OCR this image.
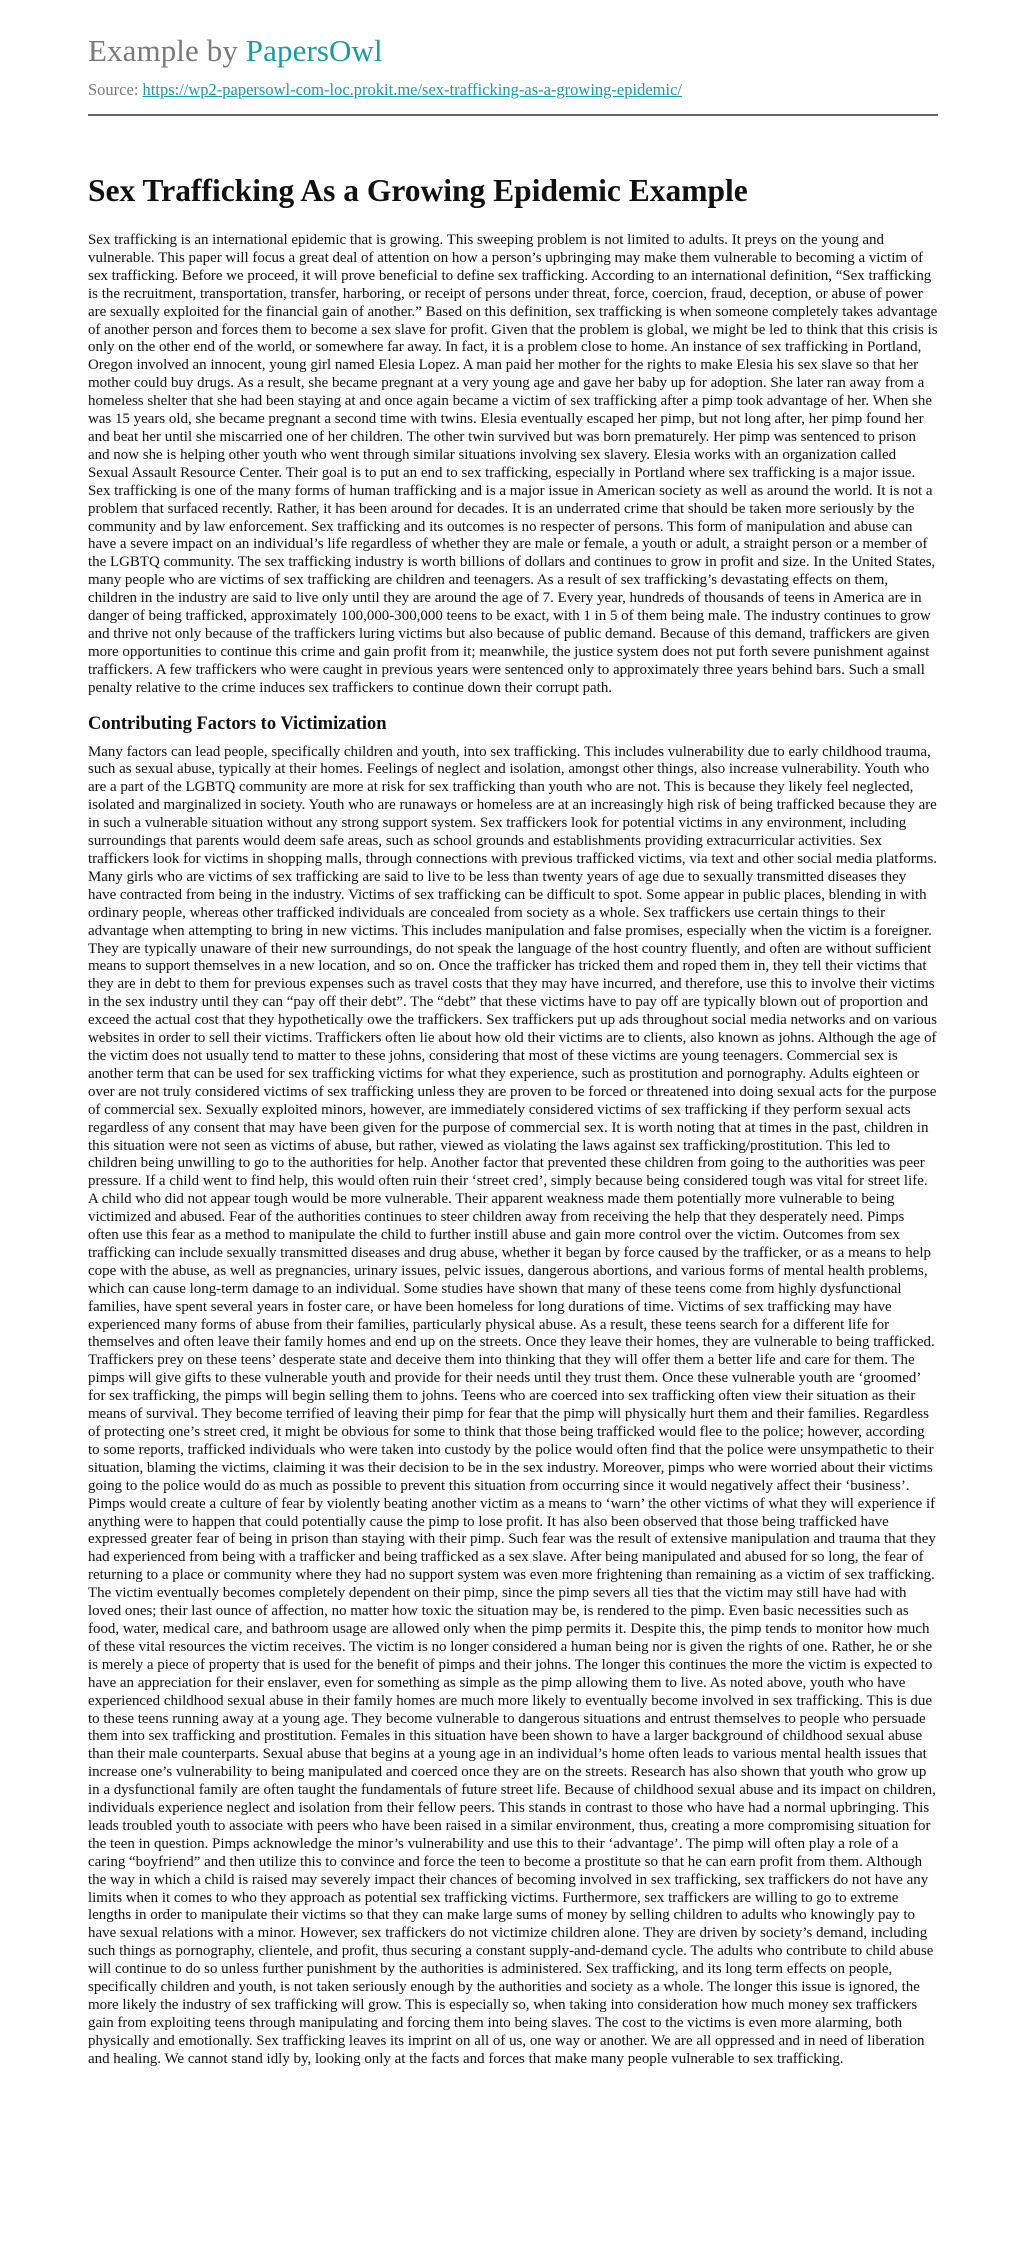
Example by PapersOwl
Source: https://wp2-papersowl-com-loc.prokit.me/sex-trafficking-as-a-growing-epidemic/
Sex Trafficking As a Growing Epidemic Example

Sex trafficking is an international epidemic that is growing. This sweeping problem is not limited to adults. It preys on the young and vulnerable. This paper will focus a great deal of attention on how a person’s upbringing may make them vulnerable to becoming a victim of sex trafficking. Before we proceed, it will prove beneficial to define sex trafficking. According to an international definition, “Sex trafficking is the recruitment, transportation, transfer, harboring, or receipt of persons under threat, force, coercion, fraud, deception, or abuse of power are sexually exploited for the financial gain of another.” Based on this definition, sex trafficking is when someone completely takes advantage of another person and forces them to become a sex slave for profit. Given that the problem is global, we might be led to think that this crisis is only on the other end of the world, or somewhere far away. In fact, it is a problem close to home. An instance of sex trafficking in Portland, Oregon involved an innocent, young girl named Elesia Lopez. A man paid her mother for the rights to make Elesia his sex slave so that her mother could buy drugs. As a result, she became pregnant at a very young age and gave her baby up for adoption. She later ran away from a homeless shelter that she had been staying at and once again became a victim of sex trafficking after a pimp took advantage of her. When she was 15 years old, she became pregnant a second time with twins. Elesia eventually escaped her pimp, but not long after, her pimp found her and beat her until she miscarried one of her children. The other twin survived but was born prematurely. Her pimp was sentenced to prison and now she is helping other youth who went through similar situations involving sex slavery. Elesia works with an organization called Sexual Assault Resource Center. Their goal is to put an end to sex trafficking, especially in Portland where sex trafficking is a major issue. Sex trafficking is one of the many forms of human trafficking and is a major issue in American society as well as around the world. It is not a problem that surfaced recently. Rather, it has been around for decades. It is an underrated crime that should be taken more seriously by the community and by law enforcement. Sex trafficking and its outcomes is no respecter of persons. This form of manipulation and abuse can have a severe impact on an individual’s life regardless of whether they are male or female, a youth or adult, a straight person or a member of the LGBTQ community. The sex trafficking industry is worth billions of dollars and continues to grow in profit and size. In the United States, many people who are victims of sex trafficking are children and teenagers. As a result of sex trafficking’s devastating effects on them, children in the industry are said to live only until they are around the age of 7. Every year, hundreds of thousands of teens in America are in danger of being trafficked, approximately 100,000-300,000 teens to be exact, with 1 in 5 of them being male. The industry continues to grow and thrive not only because of the traffickers luring victims but also because of public demand. Because of this demand, traffickers are given more opportunities to continue this crime and gain profit from it; meanwhile, the justice system does not put forth severe punishment against traffickers. A few traffickers who were caught in previous years were sentenced only to approximately three years behind bars. Such a small penalty relative to the crime induces sex traffickers to continue down their corrupt path.

Contributing Factors to Victimization

Many factors can lead people, specifically children and youth, into sex trafficking. This includes vulnerability due to early childhood trauma, such as sexual abuse, typically at their homes. Feelings of neglect and isolation, amongst other things, also increase vulnerability. Youth who are a part of the LGBTQ community are more at risk for sex trafficking than youth who are not. This is because they likely feel neglected, isolated and marginalized in society. Youth who are runaways or homeless are at an increasingly high risk of being trafficked because they are in such a vulnerable situation without any strong support system. Sex traffickers look for potential victims in any environment, including surroundings that parents would deem safe areas, such as school grounds and establishments providing extracurricular activities. Sex traffickers look for victims in shopping malls, through connections with previous trafficked victims, via text and other social media platforms. Many girls who are victims of sex trafficking are said to live to be less than twenty years of age due to sexually transmitted diseases they have contracted from being in the industry. Victims of sex trafficking can be difficult to spot. Some appear in public places, blending in with ordinary people, whereas other trafficked individuals are concealed from society as a whole. Sex traffickers use certain things to their advantage when attempting to bring in new victims. This includes manipulation and false promises, especially when the victim is a foreigner. They are typically unaware of their new surroundings, do not speak the language of the host country fluently, and often are without sufficient means to support themselves in a new location, and so on. Once the trafficker has tricked them and roped them in, they tell their victims that they are in debt to them for previous expenses such as travel costs that they may have incurred, and therefore, use this to involve their victims in the sex industry until they can “pay off their debt”. The “debt” that these victims have to pay off are typically blown out of proportion and exceed the actual cost that they hypothetically owe the traffickers. Sex traffickers put up ads throughout social media networks and on various websites in order to sell their victims. Traffickers often lie about how old their victims are to clients, also known as johns. Although the age of the victim does not usually tend to matter to these johns, considering that most of these victims are young teenagers. Commercial sex is another term that can be used for sex trafficking victims for what they experience, such as prostitution and pornography. Adults eighteen or over are not truly considered victims of sex trafficking unless they are proven to be forced or threatened into doing sexual acts for the purpose of commercial sex. Sexually exploited minors, however, are immediately considered victims of sex trafficking if they perform sexual acts regardless of any consent that may have been given for the purpose of commercial sex. It is worth noting that at times in the past, children in this situation were not seen as victims of abuse, but rather, viewed as violating the laws against sex trafficking/prostitution. This led to children being unwilling to go to the authorities for help. Another factor that prevented these children from going to the authorities was peer pressure. If a child went to find help, this would often ruin their ‘street cred’, simply because being considered tough was vital for street life. A child who did not appear tough would be more vulnerable. Their apparent weakness made them potentially more vulnerable to being victimized and abused. Fear of the authorities continues to steer children away from receiving the help that they desperately need. Pimps often use this fear as a method to manipulate the child to further instill abuse and gain more control over the victim. Outcomes from sex trafficking can include sexually transmitted diseases and drug abuse, whether it began by force caused by the trafficker, or as a means to help cope with the abuse, as well as pregnancies, urinary issues, pelvic issues, dangerous abortions, and various forms of mental health problems, which can cause long-term damage to an individual. Some studies have shown that many of these teens come from highly dysfunctional families, have spent several years in foster care, or have been homeless for long durations of time. Victims of sex trafficking may have experienced many forms of abuse from their families, particularly physical abuse. As a result, these teens search for a different life for themselves and often leave their family homes and end up on the streets. Once they leave their homes, they are vulnerable to being trafficked. Traffickers prey on these teens’ desperate state and deceive them into thinking that they will offer them a better life and care for them. The pimps will give gifts to these vulnerable youth and provide for their needs until they trust them. Once these vulnerable youth are ‘groomed’ for sex trafficking, the pimps will begin selling them to johns. Teens who are coerced into sex trafficking often view their situation as their means of survival. They become terrified of leaving their pimp for fear that the pimp will physically hurt them and their families. Regardless of protecting one’s street cred, it might be obvious for some to think that those being trafficked would flee to the police; however, according to some reports, trafficked individuals who were taken into custody by the police would often find that the police were unsympathetic to their situation, blaming the victims, claiming it was their decision to be in the sex industry. Moreover, pimps who were worried about their victims going to the police would do as much as possible to prevent this situation from occurring since it would negatively affect their ‘business’. Pimps would create a culture of fear by violently beating another victim as a means to ‘warn’ the other victims of what they will experience if anything were to happen that could potentially cause the pimp to lose profit. It has also been observed that those being trafficked have expressed greater fear of being in prison than staying with their pimp. Such fear was the result of extensive manipulation and trauma that they had experienced from being with a trafficker and being trafficked as a sex slave. After being manipulated and abused for so long, the fear of returning to a place or community where they had no support system was even more frightening than remaining as a victim of sex trafficking. The victim eventually becomes completely dependent on their pimp, since the pimp severs all ties that the victim may still have had with loved ones; their last ounce of affection, no matter how toxic the situation may be, is rendered to the pimp. Even basic necessities such as food, water, medical care, and bathroom usage are allowed only when the pimp permits it. Despite this, the pimp tends to monitor how much of these vital resources the victim receives. The victim is no longer considered a human being nor is given the rights of one. Rather, he or she is merely a piece of property that is used for the benefit of pimps and their johns. The longer this continues the more the victim is expected to have an appreciation for their enslaver, even for something as simple as the pimp allowing them to live. As noted above, youth who have experienced childhood sexual abuse in their family homes are much more likely to eventually become involved in sex trafficking. This is due to these teens running away at a young age. They become vulnerable to dangerous situations and entrust themselves to people who persuade them into sex trafficking and prostitution. Females in this situation have been shown to have a larger background of childhood sexual abuse than their male counterparts. Sexual abuse that begins at a young age in an individual’s home often leads to various mental health issues that increase one’s vulnerability to being manipulated and coerced once they are on the streets. Research has also shown that youth who grow up in a dysfunctional family are often taught the fundamentals of future street life. Because of childhood sexual abuse and its impact on children, individuals experience neglect and isolation from their fellow peers. This stands in contrast to those who have had a normal upbringing. This leads troubled youth to associate with peers who have been raised in a similar environment, thus, creating a more compromising situation for the teen in question. Pimps acknowledge the minor’s vulnerability and use this to their ‘advantage’. The pimp will often play a role of a caring “boyfriend” and then utilize this to convince and force the teen to become a prostitute so that he can earn profit from them. Although the way in which a child is raised may severely impact their chances of becoming involved in sex trafficking, sex traffickers do not have any limits when it comes to who they approach as potential sex trafficking victims. Furthermore, sex traffickers are willing to go to extreme lengths in order to manipulate their victims so that they can make large sums of money by selling children to adults who knowingly pay to have sexual relations with a minor. However, sex traffickers do not victimize children alone. They are driven by society’s demand, including such things as pornography, clientele, and profit, thus securing a constant supply-and-demand cycle. The adults who contribute to child abuse will continue to do so unless further punishment by the authorities is administered. Sex trafficking, and its long term effects on people, specifically children and youth, is not taken seriously enough by the authorities and society as a whole. The longer this issue is ignored, the more likely the industry of sex trafficking will grow. This is especially so, when taking into consideration how much money sex traffickers gain from exploiting teens through manipulating and forcing them into being slaves. The cost to the victims is even more alarming, both physically and emotionally. Sex trafficking leaves its imprint on all of us, one way or another. We are all oppressed and in need of liberation and healing. We cannot stand idly by, looking only at the facts and forces that make many people vulnerable to sex trafficking.
